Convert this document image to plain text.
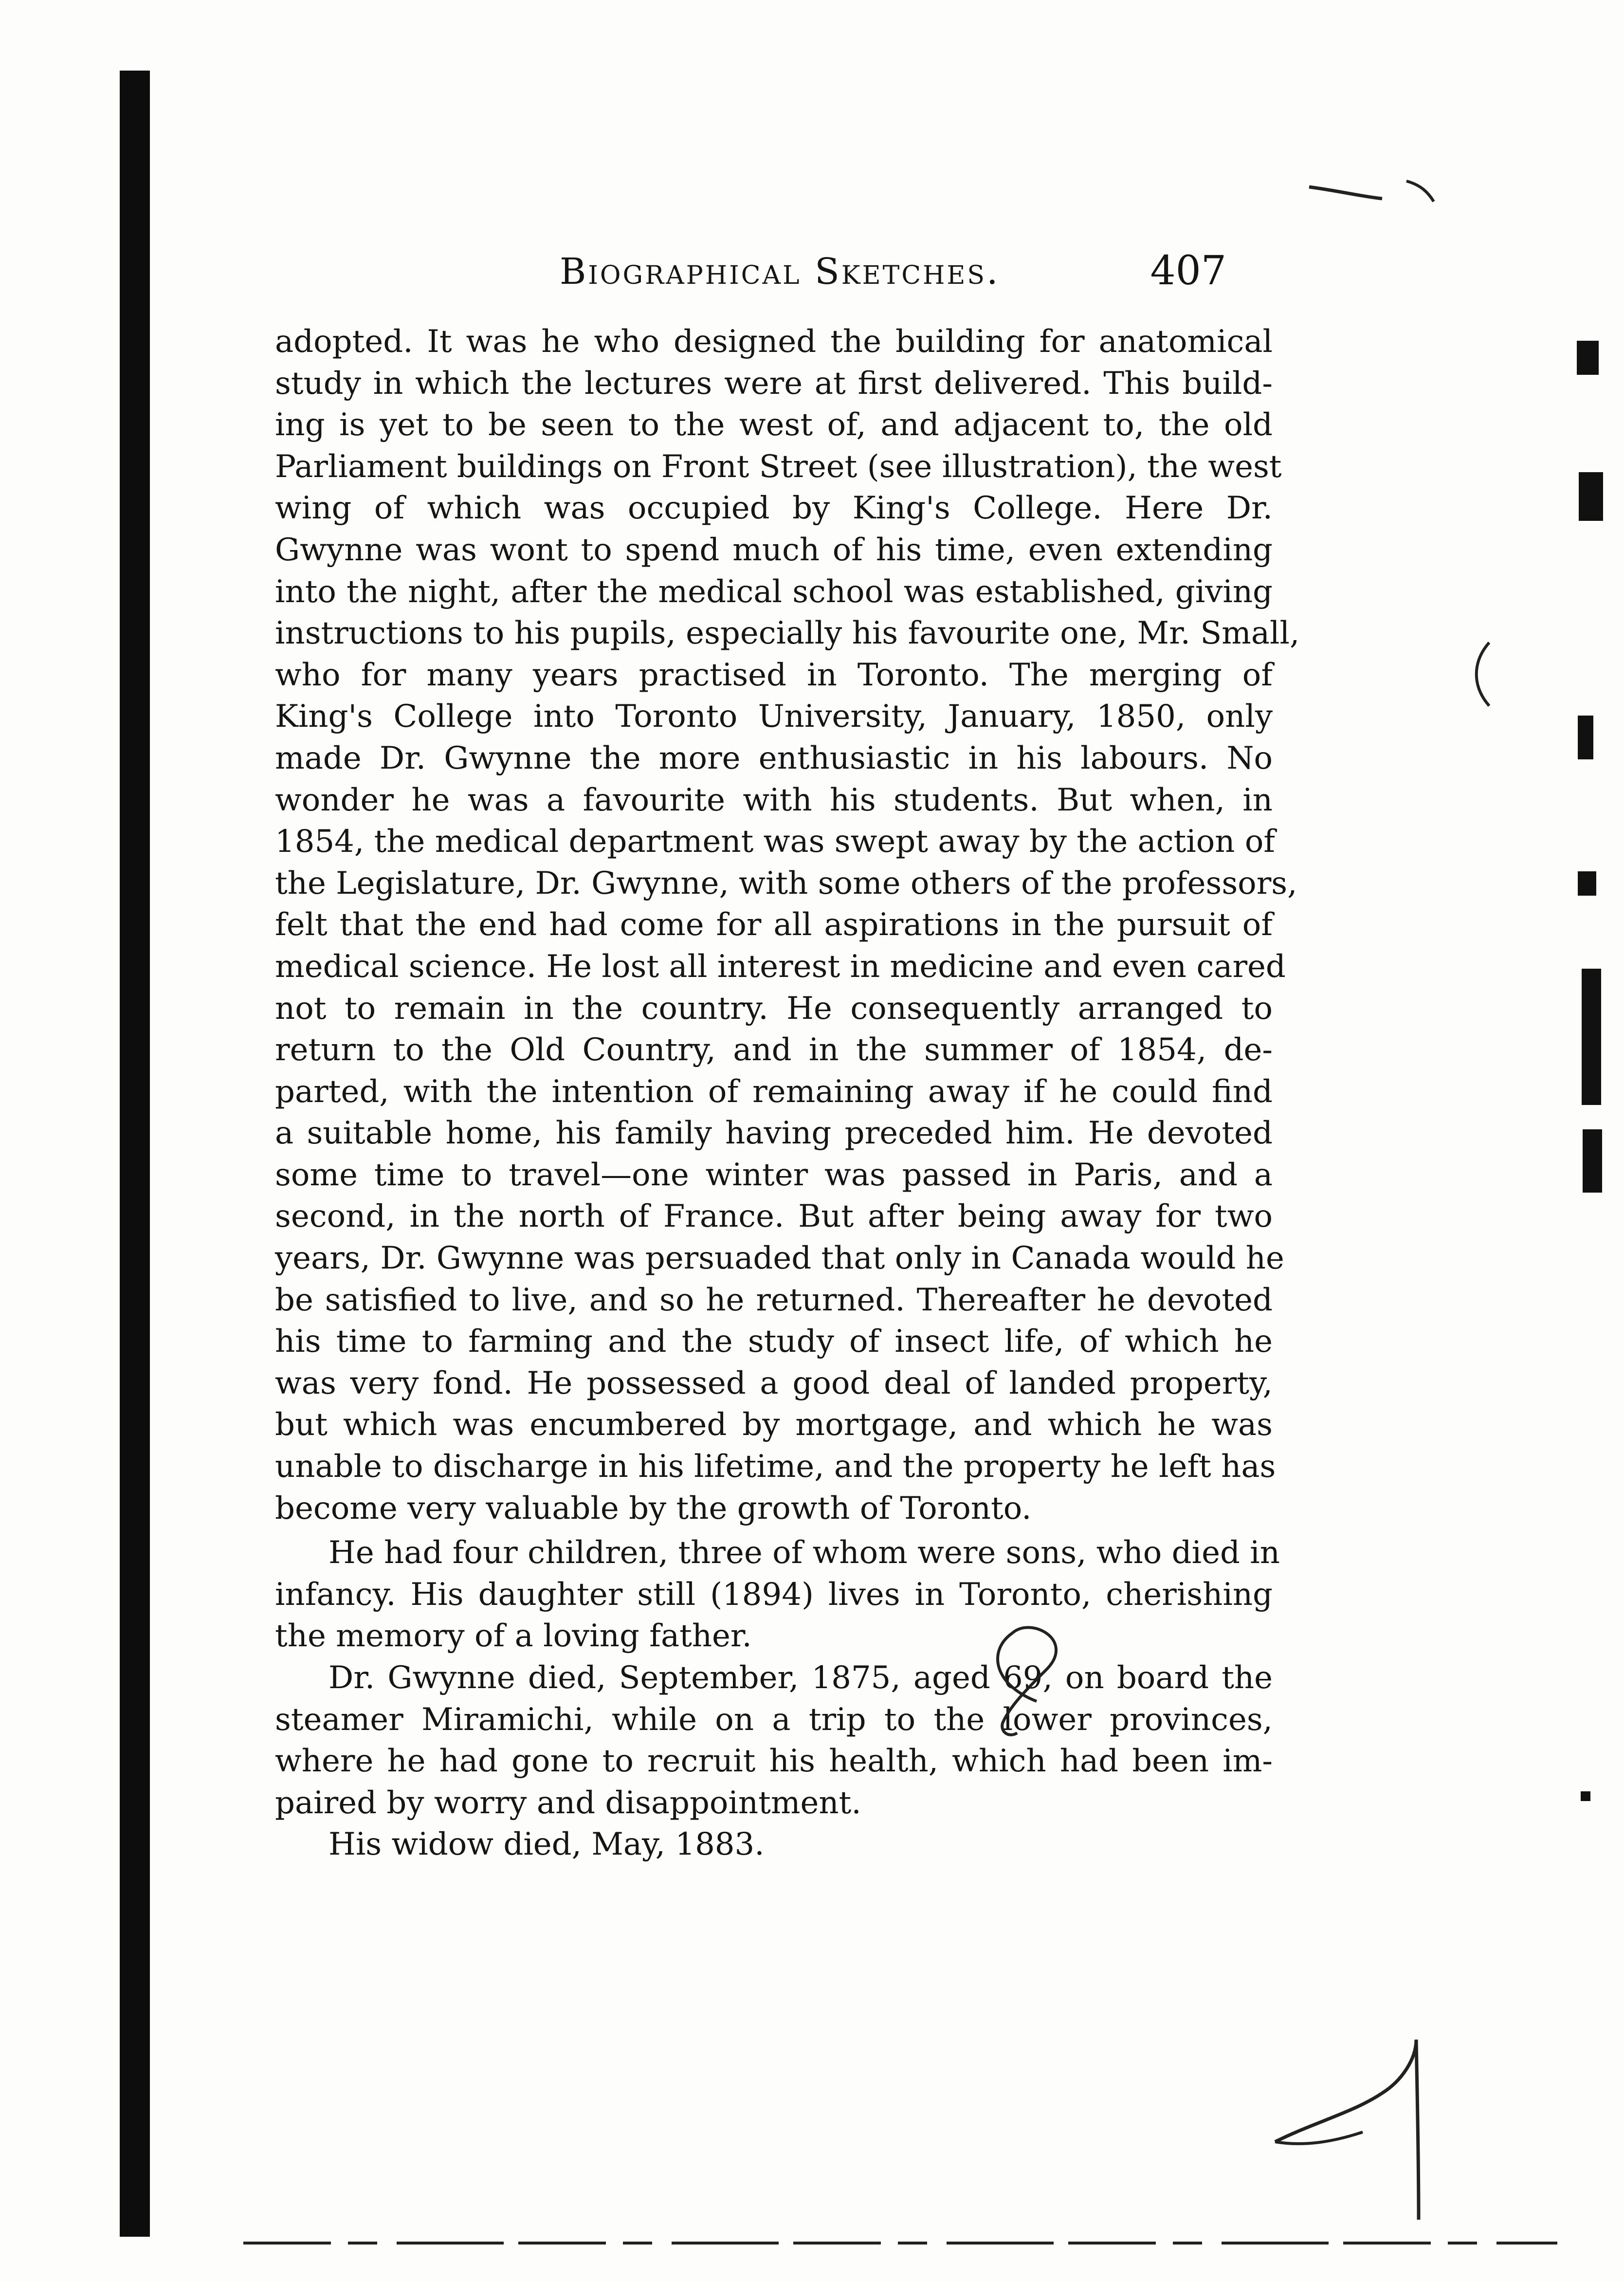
Biographical Sketches.	407
adopted. It was he who designed the building for anatomical
study in which the lectures were at first delivered. This build-
ing is yet to be seen to the west of, and adjacent to, the old
Parliament buildings on Front Street (see illustration), the west
wing of which was occupied by King's College. Here Dr.
Gwynne was wont to spend much of his time, even extending
into the night, after the medical school was established, giving
instructions to his pupils, especially his favourite one, Mr. Small,
who for many years practised in Toronto. The merging of
King's College into Toronto University, January, 1850, only
made Dr. Gwynne the more enthusiastic in his labours. No
wonder he was a favourite with his students. But when, in
1854, the medical department was swept away by the action of
the Legislature, Dr. Gwynne, with some others of the professors,
felt that the end had come for all aspirations in the pursuit of
medical science. He lost all interest in medicine and even cared
not to remain in the country. He consequently arranged to
return to the Old Country, and in the summer of 1854, de-
parted, with the intention of remaining away if he could find
a suitable home, his family having preceded him. He devoted
some time to travel—one winter was passed in Paris, and a
second, in the north of France. But after being away for two
years, Dr. Gwynne was persuaded that only in Canada would he
be satisfied to live, and so he returned. Thereafter he devoted
his time to farming and the study of insect life, of which he
was very fond. He possessed a good deal of landed property,
but which was encumbered by mortgage, and which he was
unable to discharge in his lifetime, and the property he left has
become very valuable by the growth of Toronto.
He had four children, three of whom were sons, who died in
infancy. His daughter still (1894) lives in Toronto, cherishing
the memory of a loving father.
Dr. Gwynne died, September, 1875, aged 69, on board the
steamer Miramichi, while on a trip to the lower provinces,
where he had gone to recruit his health, which had been im-
paired by worry and disappointment.
His widow died, May, 1883.
